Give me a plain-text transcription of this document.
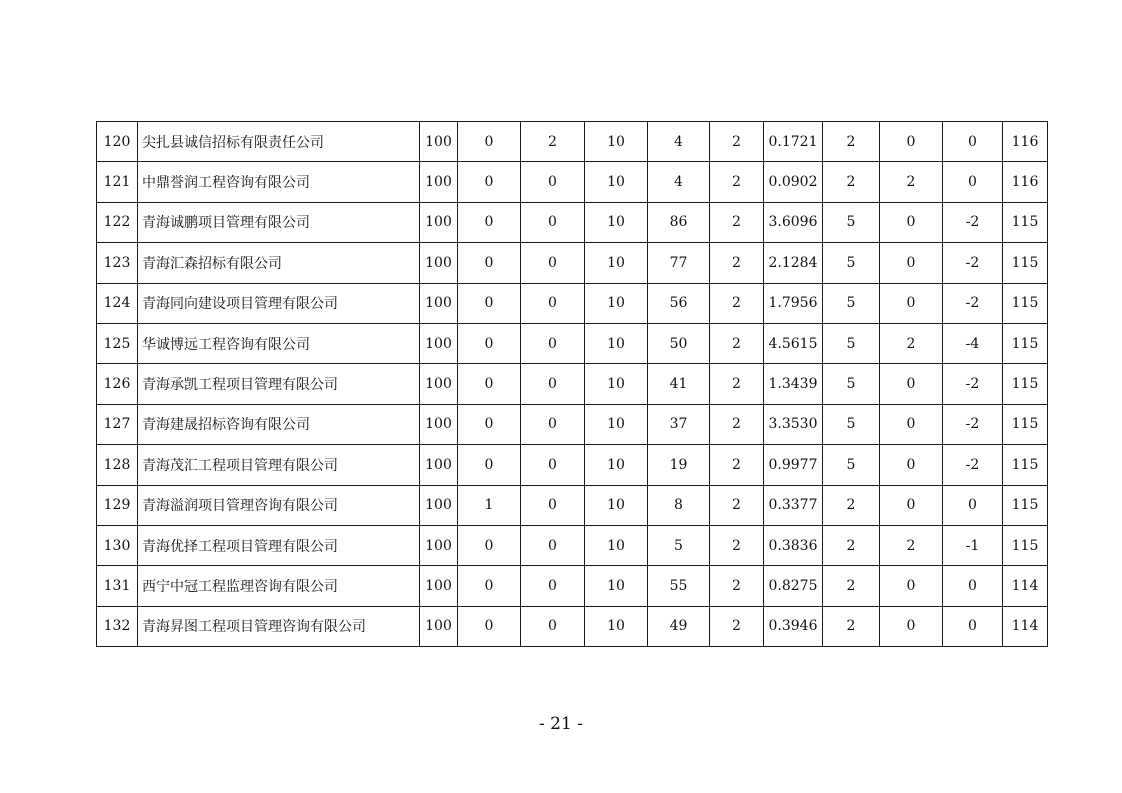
120	尖扎县诚信招标有限责任公司	100	0	2	10	4	2	0.1721	2	0	0	116
121	中鼎誉润工程咨询有限公司	100	0	0	10	4	2	0.0902	2	2	0	116
122	青海诚鹏项目管理有限公司	100	0	0	10	86	2	3.6096	5	0	-2	115
123	青海汇森招标有限公司	100	0	0	10	77	2	2.1284	5	0	-2	115
124	青海同向建设项目管理有限公司	100	0	0	10	56	2	1.7956	5	0	-2	115
125	华诚博远工程咨询有限公司	100	0	0	10	50	2	4.5615	5	2	-4	115
126	青海承凯工程项目管理有限公司	100	0	0	10	41	2	1.3439	5	0	-2	115
127	青海建晟招标咨询有限公司	100	0	0	10	37	2	3.3530	5	0	-2	115
128	青海茂汇工程项目管理有限公司	100	0	0	10	19	2	0.9977	5	0	-2	115
129	青海溢润项目管理咨询有限公司	100	1	0	10	8	2	0.3377	2	0	0	115
130	青海优择工程项目管理有限公司	100	0	0	10	5	2	0.3836	2	2	-1	115
131	西宁中冠工程监理咨询有限公司	100	0	0	10	55	2	0.8275	2	0	0	114
132	青海昇图工程项目管理咨询有限公司	100	0	0	10	49	2	0.3946	2	0	0	114
- 21 -
